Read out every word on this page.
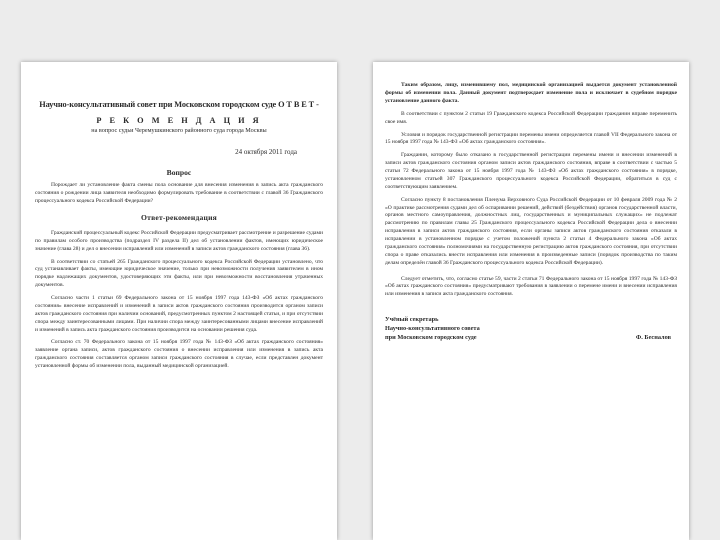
Научно-консультативный совет при Московском городском суде О Т В Е Т -

Р Е К О М Е Н Д А Ц И Я

на вопрос судьи Черемушкинского районного суда города Москвы

24 октября 2011 года

Вопрос

Порождает ли установление факта смены пола основание для внесения изменения в запись акта гражданского состояния о рождении лица заявителя необходимо формулировать требование в соответствии с главой 36 Гражданского процессуального кодекса Российской Федерации?

Ответ-рекомендация

Гражданский процессуальный кодекс Российской Федерации предусматривает рассмотрение и разрешение судами по правилам особого производства (подраздел IV раздела II) дел об установлении фактов, имеющих юридическое значение (глава 28) и дел о внесении исправлений или изменений в записи актов гражданского состояния (глава 36).

В соответствии со статьей 265 Гражданского процессуального кодекса Российской Федерации установлено, что суд устанавливает факты, имеющие юридическое значение, только при невозможности получения заявителем в ином порядке надлежащих документов, удостоверяющих эти факты, или при невозможности восстановления утраченных документов.

Согласно части 1 статьи 69 Федерального закона от 15 ноября 1997 года 143-ФЗ «Об актах гражданского состояния» внесение исправлений и изменений в записи актов гражданского состояния производится органом записи актов гражданского состояния при наличии оснований, предусмотренных пунктом 2 настоящей статьи, и при отсутствии спора между заинтересованными лицами. При наличии спора между заинтересованными лицами внесение исправлений и изменений в запись акта гражданского состояния производится на основании решения суда.

Согласно ст. 70 Федерального закона от 15 ноября 1997 года № 143-ФЗ «Об актах гражданского состояния» заявление органа записи, актов гражданского состояния о внесении исправления или изменения в запись акта гражданского состояния составляется органом записи гражданского состояния в случае, если представлен документ установленной формы об изменении пола, выданный медицинской организацией.

Таким образом, лицу, изменившему пол, медицинской организацией выдается документ установленной формы об изменении пола. Данный документ подтверждает изменение пола и исключает в судебном порядке установление данного факта.

В соответствии с пунктом 2 статьи 19 Гражданского кодекса Российской Федерации гражданин вправе переменить свое имя.

Условия и порядок государственной регистрации перемены имени определяется главой VII Федерального закона от 15 ноября 1997 года № 143-ФЗ «Об актах гражданского состояния».

Гражданин, которому было отказано в государственной регистрации перемены имени и внесении изменений в записи актов гражданского состояния органом записи актов гражданского состояния, вправе в соответствии с частью 5 статьи 72 Федерального закона от 15 ноября 1997 года № 143-ФЗ «Об актах гражданского состояния» в порядке, установленном статьей 307 Гражданского процессуального кодекса Российской Федерации, обратиться в суд с соответствующим заявлением.

Согласно пункту 8 постановления Пленума Верховного Суда Российской Федерации от 10 февраля 2009 года № 2 «О практике рассмотрения судами дел об оспаривании решений, действий (бездействия) органов государственной власти, органов местного самоуправления, должностных лиц, государственных и муниципальных служащих» не подлежат рассмотрению по правилам главы 25 Гражданского процессуального кодекса Российской Федерации дела о внесении исправления в записи актов гражданского состояния, если органы записи актов гражданского состояния отказали в исправлении в установленном порядке с учетом положений пункта 2 статьи 4 Федерального закона «Об актах гражданского состояния» полномочиями на государственную регистрацию актов гражданского состояния, при отсутствии спора о праве отказались внести исправления или изменения в произведенные записи (порядок производства по таким делам определён главой 36 Гражданского процессуального кодекса Российской Федерации).

Следует отметить, что, согласно статье 59, части 2 статьи 71 Федерального закона от 15 ноября 1997 года № 143-ФЗ «Об актах гражданского состояния» предусматривают требования в заявлении о перемене имени и внесении исправления или изменения в записи акта гражданского состояния.

Учёный секретарь
Научно-консультативного совета
при Московском городском суде	Ф. Бесналов
